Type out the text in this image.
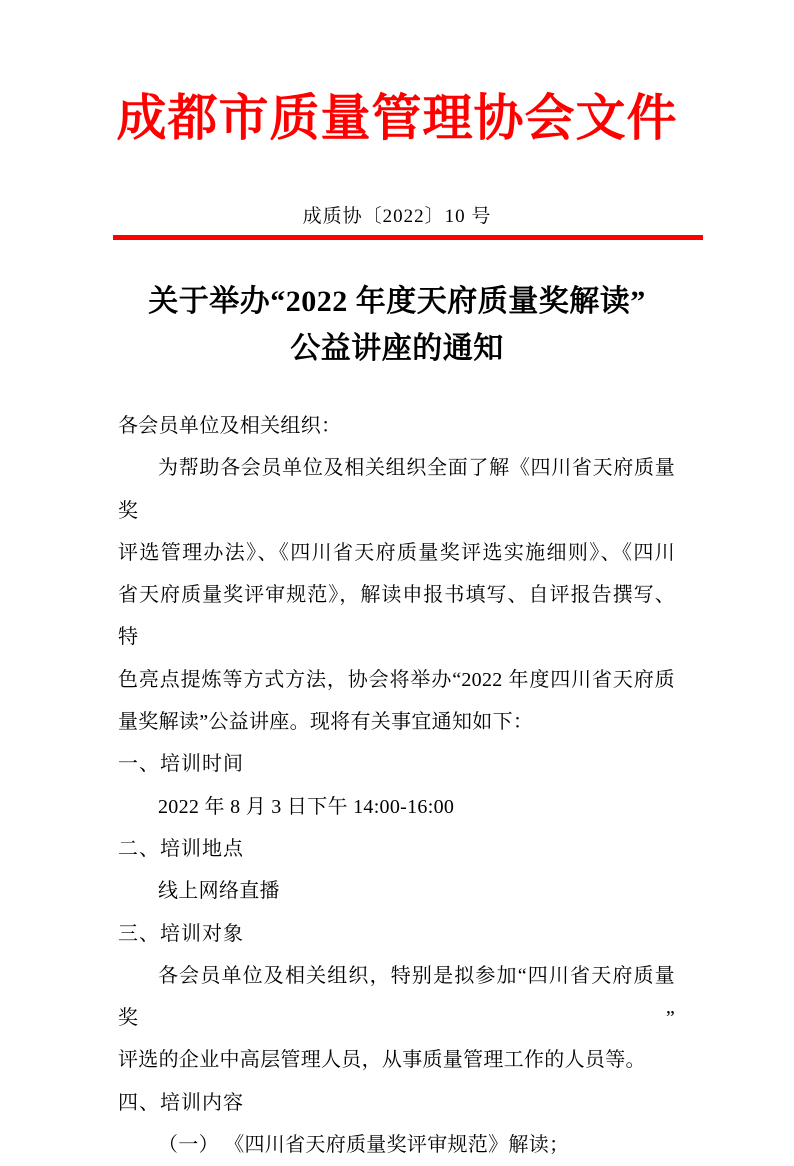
成都市质量管理协会文件
成质协〔2022〕10 号
关于举办“2022 年度天府质量奖解读”
公益讲座的通知
各会员单位及相关组织：
为帮助各会员单位及相关组织全面了解《四川省天府质量奖
评选管理办法》、《四川省天府质量奖评选实施细则》、《四川
省天府质量奖评审规范》，解读申报书填写、自评报告撰写、特
色亮点提炼等方式方法，协会将举办“2022 年度四川省天府质
量奖解读”公益讲座。现将有关事宜通知如下：
一、培训时间
2022 年 8 月 3 日下午 14:00-16:00
二、培训地点
线上网络直播
三、培训对象
各会员单位及相关组织，特别是拟参加“四川省天府质量奖”
评选的企业中高层管理人员，从事质量管理工作的人员等。
四、培训内容
（一） 《四川省天府质量奖评审规范》解读；
